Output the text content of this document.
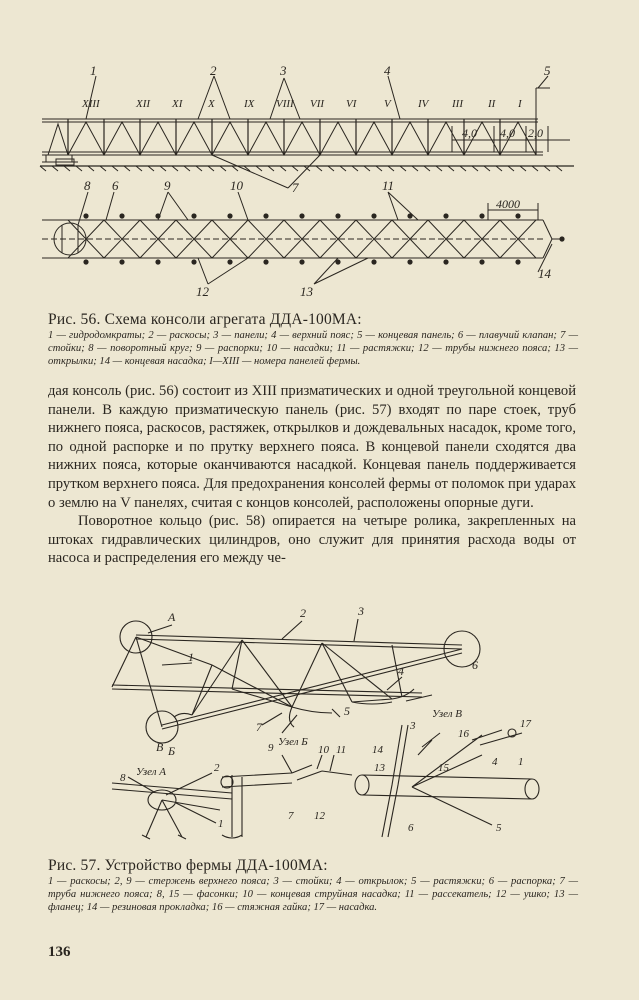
1	2	3	4	5
XIII	XII XI X	IX VIII VII VI	V IV III II I
4,0 4,0 2,0
4000
8 6	9	10	7	11
12	13
14
Рис. 56. Схема консоли агрегата ДДА-100МА:
1 — гидродомкраты; 2 — раскосы; 3 — панели; 4 — верхний пояс; 5 — концевая панель; 6 — плавучий клапан; 7 — стойки; 8 — поворотный круг; 9 — распорки; 10 — насадки; 11 — растяжки; 12 — трубы нижнего пояса; 13 — открылки; 14 — концевая насадка; I—XIII — номера панелей фермы.

дая консоль (рис. 56) состоит из XIII призматических и одной треугольной концевой панели. В каждую призматическую панель (рис. 57) входят по паре стоек, труб нижнего пояса, раскосов, растяжек, открылков и дождевальных насадок, кроме того, по одной распорке и по прутку верхнего пояса. В концевой панели сходятся два нижних пояса, которые оканчиваются насадкой. Концевая панель поддерживается прутком верхнего пояса. Для предохранения консолей фермы от поломок при ударах о землю на V панелях, считая с концов консолей, расположены опорные дуги.

Поворотное кольцо (рис. 58) опирается на четыре ролика, закрепленных на штоках гидравлических цилиндров, оно служит для принятия расхода воды от насоса и распределения его между че-

А	2	3
1
Б
4
5
6
7
В
Узел А
8
2
1
Узел Б
9	10 11
7 12
Узел В
3	17
16
14
13	15	4 1
6	5
Рис. 57. Устройство фермы ДДА-100МА:
1 — раскосы; 2, 9 — стержень верхнего пояса; 3 — стойки; 4 — открылок; 5 — растяжки; 6 — распорка; 7 — труба нижнего пояса; 8, 15 — фасонки; 10 — концевая струйная насадка; 11 — рассекатель; 12 — ушко; 13 — фланец; 14 — резиновая прокладка; 16 — стяжная гайка; 17 — насадка.
136
